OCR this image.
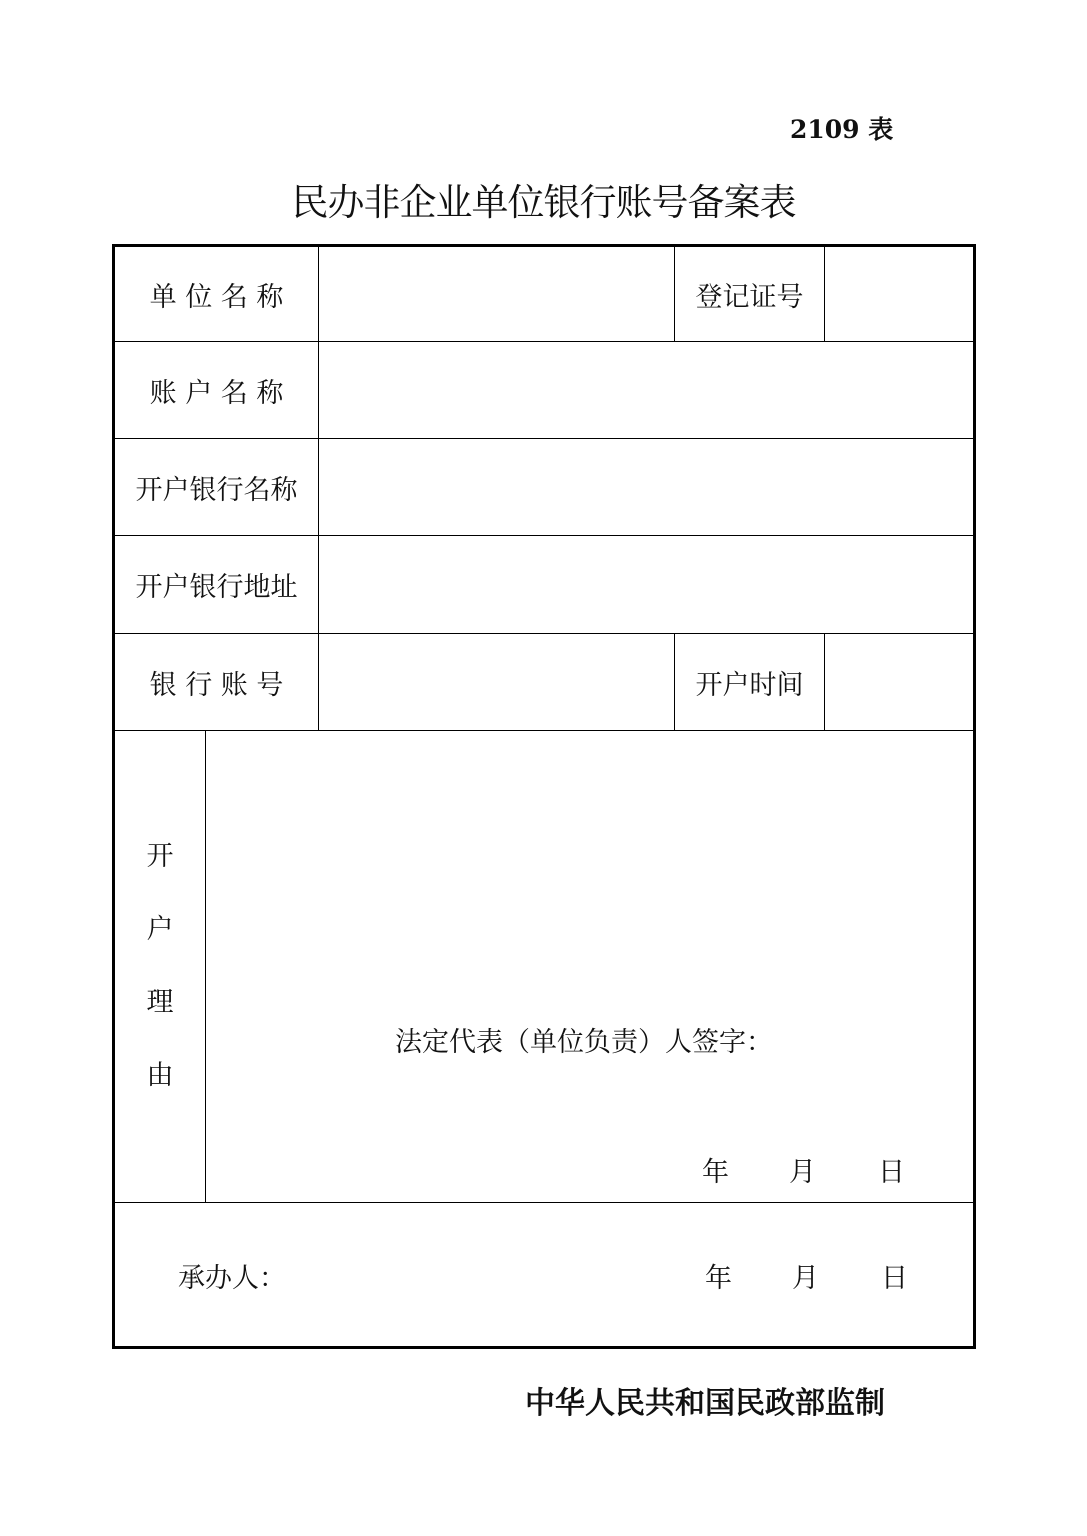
2109 表
民办非企业单位银行账号备案表
单 位 名 称	登记证号
账 户 名 称
开户银行名称
开户银行地址
银 行 账 号	开户时间
开
户
理
由
法定代表（单位负责）人签字：
年 月 日
承办人：	年 月 日
中华人民共和国民政部监制
